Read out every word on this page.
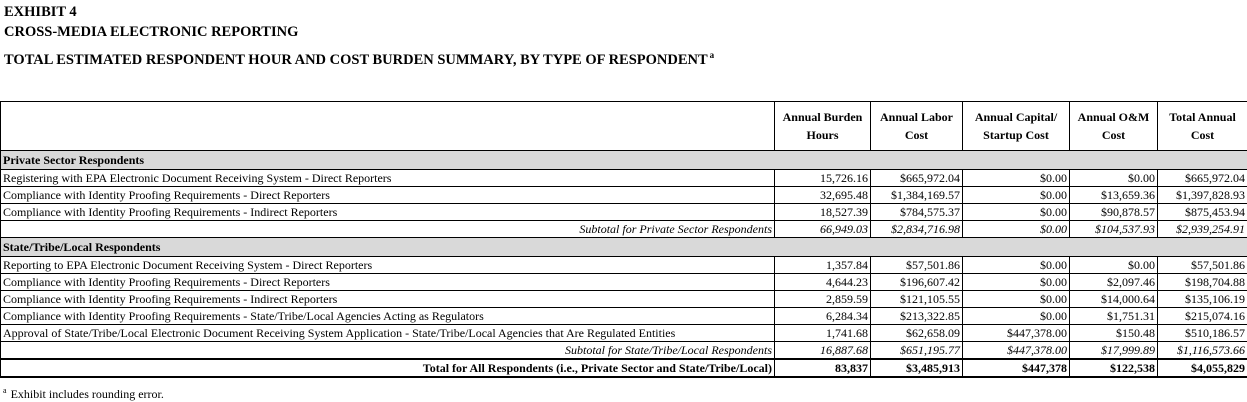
EXHIBIT 4
CROSS-MEDIA ELECTRONIC REPORTING
TOTAL ESTIMATED RESPONDENT HOUR AND COST BURDEN SUMMARY, BY TYPE OF RESPONDENT $^a$
	Annual Burden Hours	Annual Labor Cost	Annual Capital/ Startup Cost	Annual O&M Cost	Total Annual Cost
Private Sector Respondents					
Registering with EPA Electronic Document Receiving System - Direct Reporters	15,726.16	$665,972.04	$0.00	$0.00	$665,972.04
Compliance with Identity Proofing Requirements - Direct Reporters	32,695.48	$1,384,169.57	$0.00	$13,659.36	$1,397,828.93
Compliance with Identity Proofing Requirements - Indirect Reporters	18,527.39	$784,575.37	$0.00	$90,878.57	$875,453.94
Subtotal for Private Sector Respondents	66,949.03	$2,834,716.98	$0.00	$104,537.93	$2,939,254.91
State/Tribe/Local Respondents					
Reporting to EPA Electronic Document Receiving System - Direct Reporters	1,357.84	$57,501.86	$0.00	$0.00	$57,501.86
Compliance with Identity Proofing Requirements - Direct Reporters	4,644.23	$196,607.42	$0.00	$2,097.46	$198,704.88
Compliance with Identity Proofing Requirements - Indirect Reporters	2,859.59	$121,105.55	$0.00	$14,000.64	$135,106.19
Compliance with Identity Proofing Requirements - State/Tribe/Local Agencies Acting as Regulators	6,284.34	$213,322.85	$0.00	$1,751.31	$215,074.16
Approval of State/Tribe/Local Electronic Document Receiving System Application - State/Tribe/Local Agencies that Are Regulated Entities	1,741.68	$62,658.09	$447,378.00	$150.48	$510,186.57
Subtotal for State/Tribe/Local Respondents	16,887.68	$651,195.77	$447,378.00	$17,999.89	$1,116,573.66
Total for All Respondents (i.e., Private Sector and State/Tribe/Local)	83,837	$3,485,913	$447,378	$122,538	$4,055,829
$^a$ Exhibit includes rounding error.
